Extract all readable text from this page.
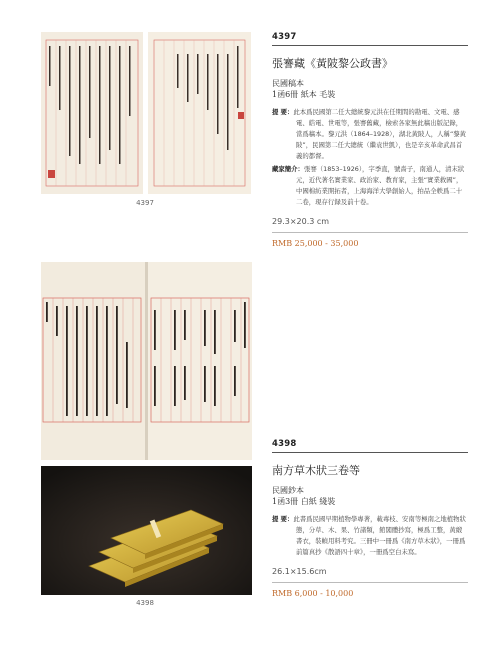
4397
4398
4397
張謇藏《黃陂黎公政書》
民國稿本
1函6冊 紙本 毛裝
提 要：此本爲民國第二任大總統黎元洪在任期間的勘電、文電、感電、皓電、世電等，張謇舊藏，檢索各家無此稿出版記錄，當爲稿本。黎元洪（1864–1928），湖北黃陂人，人稱“黎黃陂”，民國第二任大總統（繼袁世凱），也是辛亥革命武昌首義的都督。
藏家簡介：張謇（1853–1926），字季直，號嗇子，南通人，清末狀元，近代著名實業家、政治家、教育家，主張“實業救國”，中國棉紡業開拓者，上海海洋大學創始人，拍品全帙爲二十二卷，現存行録及前十卷。
29.3×20.3 cm
RMB 25,000 - 35,000
4398
南方草木狀三卷等
民國鈔本
1函3冊 白紙 綫裝
提 要：此書爲民國早期植物學專著，載毒枝、安南等極南之地植物狀態，分草、木、果、竹諸類，館閣體抄寫，極爲工整，黃緞書衣，裝幀用料考究。三冊中一冊爲《南方草木狀》，一冊爲前篇真抄《散語四十章》，一冊爲空白未寫。
26.1×15.6cm
RMB 6,000 - 10,000
